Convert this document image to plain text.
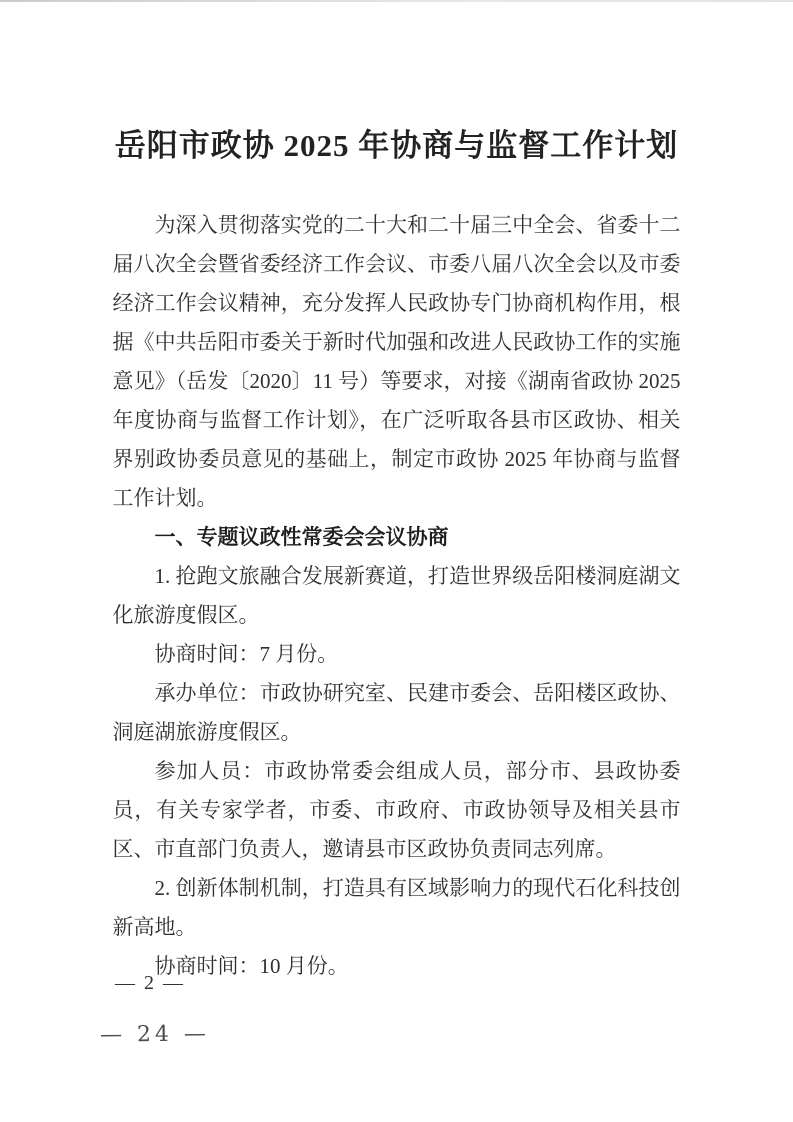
岳阳市政协 2025 年协商与监督工作计划

为深入贯彻落实党的二十大和二十届三中全会、省委十二届八次全会暨省委经济工作会议、市委八届八次全会以及市委经济工作会议精神，充分发挥人民政协专门协商机构作用，根据《中共岳阳市委关于新时代加强和改进人民政协工作的实施意见》（岳发〔2020〕11 号）等要求，对接《湖南省政协 2025 年度协商与监督工作计划》，在广泛听取各县市区政协、相关界别政协委员意见的基础上，制定市政协 2025 年协商与监督工作计划。

一、专题议政性常委会会议协商

1. 抢跑文旅融合发展新赛道，打造世界级岳阳楼洞庭湖文化旅游度假区。

协商时间：7 月份。

承办单位：市政协研究室、民建市委会、岳阳楼区政协、洞庭湖旅游度假区。

参加人员：市政协常委会组成人员，部分市、县政协委员，有关专家学者，市委、市政府、市政协领导及相关县市区、市直部门负责人，邀请县市区政协负责同志列席。

2. 创新体制机制，打造具有区域影响力的现代石化科技创新高地。

协商时间：10 月份。

— 2 —
— 24 —
